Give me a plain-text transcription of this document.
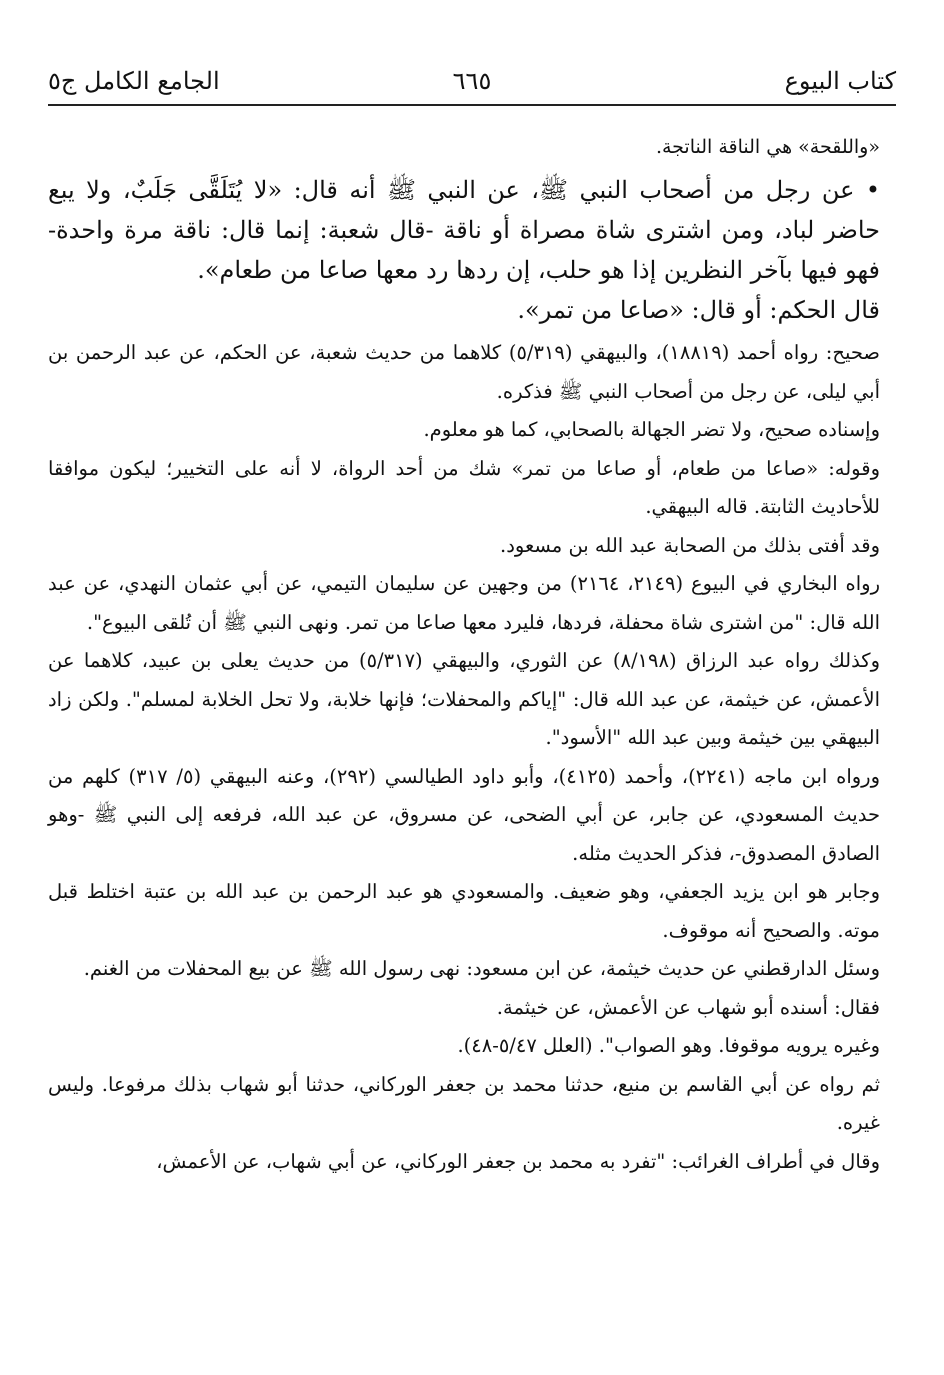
كتاب البيوع
٦٦٥
الجامع الكامل ج٥

«واللقحة» هي الناقة الناتجة.

• عن رجل من أصحاب النبي ﷺ، عن النبي ﷺ أنه قال: «لا يُتَلَقَّى جَلَبٌ، ولا يبع حاضر لباد، ومن اشترى شاة مصراة أو ناقة -قال شعبة: إنما قال: ناقة مرة واحدة- فهو فيها بآخر النظرين إذا هو حلب، إن ردها رد معها صاعا من طعام».

قال الحكم: أو قال: «صاعا من تمر».

صحيح: رواه أحمد (١٨٨١٩)، والبيهقي (٥/٣١٩) كلاهما من حديث شعبة، عن الحكم، عن عبد الرحمن بن أبي ليلى، عن رجل من أصحاب النبي ﷺ فذكره.

وإسناده صحيح، ولا تضر الجهالة بالصحابي، كما هو معلوم.

وقوله: «صاعا من طعام، أو صاعا من تمر» شك من أحد الرواة، لا أنه على التخيير؛ ليكون موافقا للأحاديث الثابتة. قاله البيهقي.

وقد أفتى بذلك من الصحابة عبد الله بن مسعود.

رواه البخاري في البيوع (٢١٤٩، ٢١٦٤) من وجهين عن سليمان التيمي، عن أبي عثمان النهدي، عن عبد الله قال: "من اشترى شاة محفلة، فردها، فليرد معها صاعا من تمر. ونهى النبي ﷺ أن تُلقى البيوع".

وكذلك رواه عبد الرزاق (٨/١٩٨) عن الثوري، والبيهقي (٥/٣١٧) من حديث يعلى بن عبيد، كلاهما عن الأعمش، عن خيثمة، عن عبد الله قال: "إياكم والمحفلات؛ فإنها خلابة، ولا تحل الخلابة لمسلم". ولكن زاد البيهقي بين خيثمة وبين عبد الله "الأسود".

ورواه ابن ماجه (٢٢٤١)، وأحمد (٤١٢٥)، وأبو داود الطيالسي (٢٩٢)، وعنه البيهقي (٥/ ٣١٧) كلهم من حديث المسعودي، عن جابر، عن أبي الضحى، عن مسروق، عن عبد الله، فرفعه إلى النبي ﷺ -وهو الصادق المصدوق-، فذكر الحديث مثله.

وجابر هو ابن يزيد الجعفي، وهو ضعيف. والمسعودي هو عبد الرحمن بن عبد الله بن عتبة اختلط قبل موته. والصحيح أنه موقوف.

وسئل الدارقطني عن حديث خيثمة، عن ابن مسعود: نهى رسول الله ﷺ عن بيع المحفلات من الغنم.

فقال: أسنده أبو شهاب عن الأعمش، عن خيثمة.

وغيره يرويه موقوفا. وهو الصواب". (العلل ٥/٤٧-٤٨).

ثم رواه عن أبي القاسم بن منيع، حدثنا محمد بن جعفر الوركاني، حدثنا أبو شهاب بذلك مرفوعا. وليس غيره.

وقال في أطراف الغرائب: "تفرد به محمد بن جعفر الوركاني، عن أبي شهاب، عن الأعمش،
